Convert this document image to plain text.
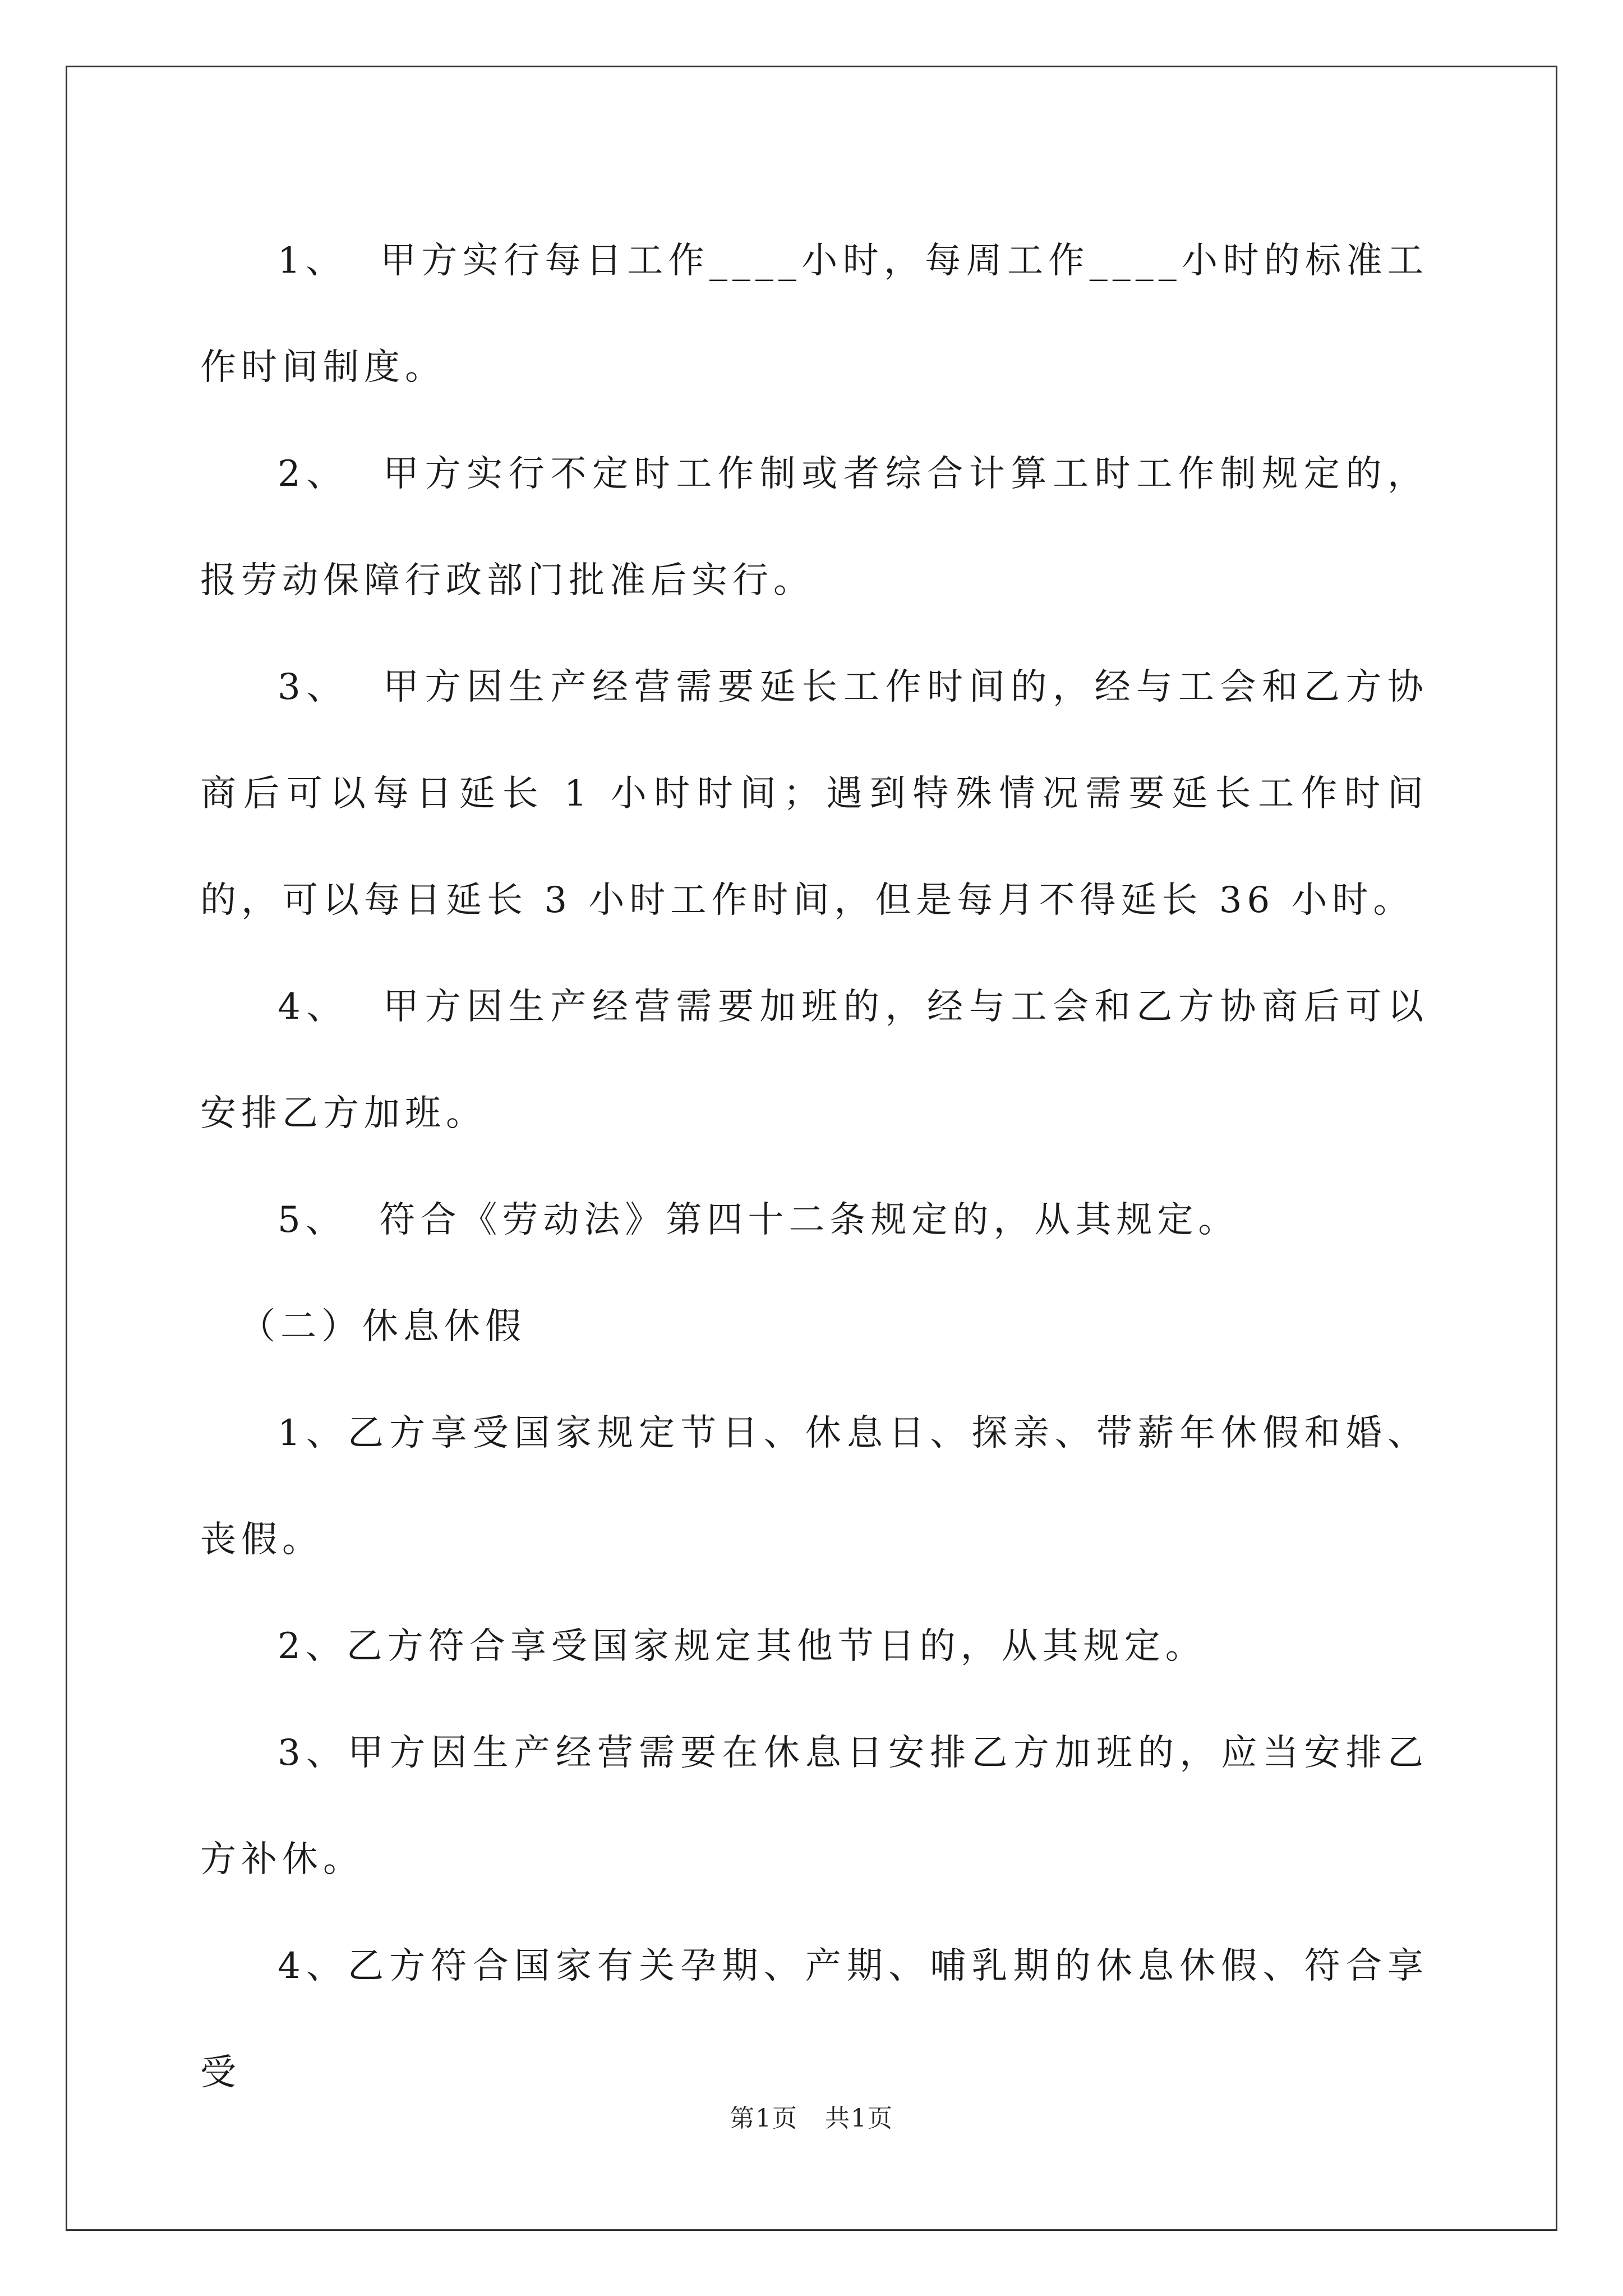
1、  甲方实行每日工作____小时，每周工作____小时的标准工作时间制度。

2、  甲方实行不定时工作制或者综合计算工时工作制规定的，报劳动保障行政部门批准后实行。

3、  甲方因生产经营需要延长工作时间的，经与工会和乙方协商后可以每日延长 1 小时时间；遇到特殊情况需要延长工作时间的，可以每日延长 3 小时工作时间，但是每月不得延长 36 小时。

4、  甲方因生产经营需要加班的，经与工会和乙方协商后可以安排乙方加班。

5、  符合《劳动法》第四十二条规定的，从其规定。

（二）休息休假

1、乙方享受国家规定节日、休息日、探亲、带薪年休假和婚、丧假。

2、乙方符合享受国家规定其他节日的，从其规定。

3、甲方因生产经营需要在休息日安排乙方加班的，应当安排乙方补休。

4、乙方符合国家有关孕期、产期、哺乳期的休息休假、符合享受

第1页   共1页
